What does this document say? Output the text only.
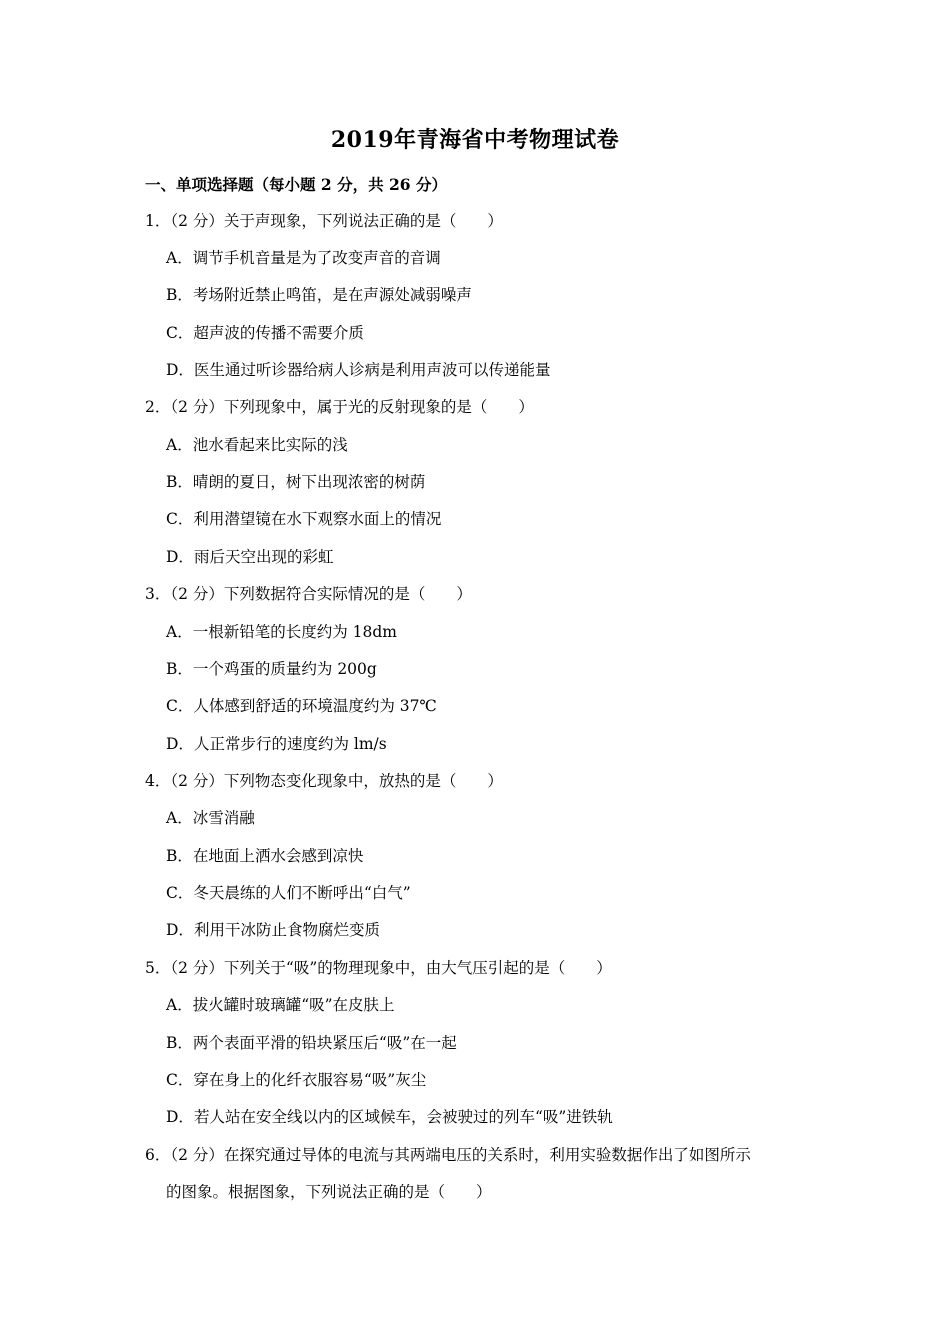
2019年青海省中考物理试卷
一、单项选择题（每小题 2 分，共 26 分）
1．（2 分）关于声现象，下列说法正确的是（　　）
A．调节手机音量是为了改变声音的音调
B．考场附近禁止鸣笛，是在声源处减弱噪声
C．超声波的传播不需要介质
D．医生通过听诊器给病人诊病是利用声波可以传递能量
2．（2 分）下列现象中，属于光的反射现象的是（　　）
A．池水看起来比实际的浅
B．晴朗的夏日，树下出现浓密的树荫
C．利用潜望镜在水下观察水面上的情况
D．雨后天空出现的彩虹
3．（2 分）下列数据符合实际情况的是（　　）
A．一根新铅笔的长度约为 18dm
B．一个鸡蛋的质量约为 200g
C．人体感到舒适的环境温度约为 37℃
D．人正常步行的速度约为 lm/s
4．（2 分）下列物态变化现象中，放热的是（　　）
A．冰雪消融
B．在地面上洒水会感到凉快
C．冬天晨练的人们不断呼出“白气”
D．利用干冰防止食物腐烂变质
5．（2 分）下列关于“吸”的物理现象中，由大气压引起的是（　　）
A．拔火罐时玻璃罐“吸”在皮肤上
B．两个表面平滑的铅块紧压后“吸”在一起
C．穿在身上的化纤衣服容易“吸”灰尘
D．若人站在安全线以内的区域候车，会被驶过的列车“吸”进铁轨
6．（2 分）在探究通过导体的电流与其两端电压的关系时，利用实验数据作出了如图所示
的图象。根据图象，下列说法正确的是（　　）
